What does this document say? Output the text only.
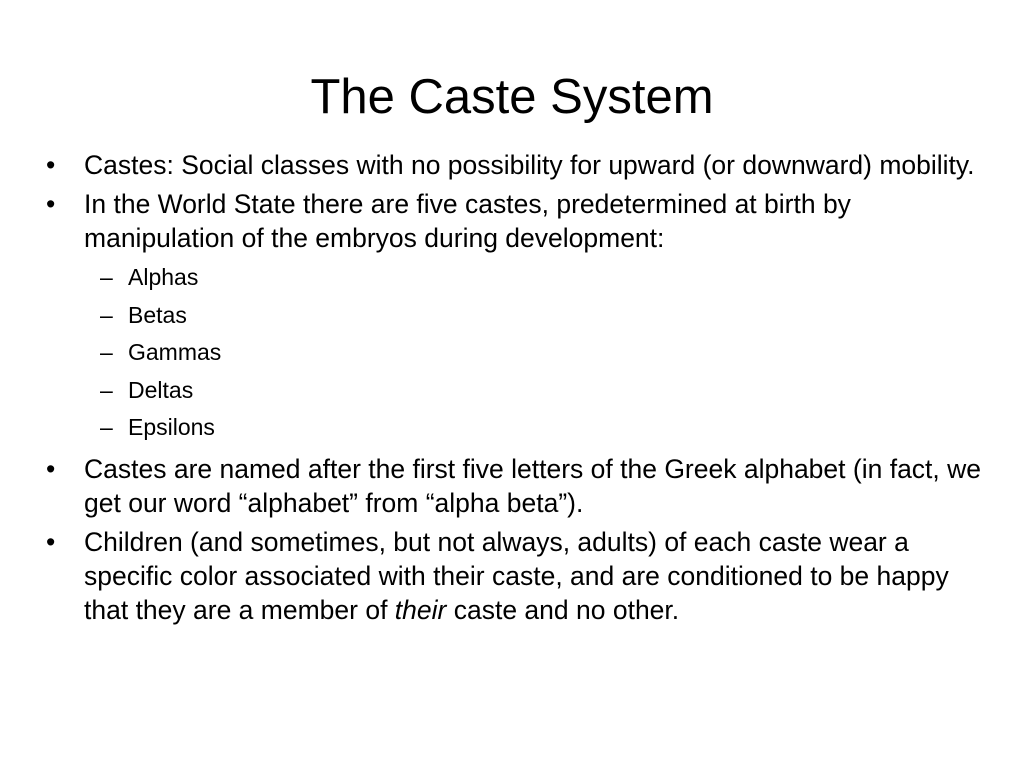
The Caste System
• Castes: Social classes with no possibility for upward (or downward) mobility.
• In the World State there are five castes, predetermined at birth by manipulation of the embryos during development:
– Alphas
– Betas
– Gammas
– Deltas
– Epsilons
• Castes are named after the first five letters of the Greek alphabet (in fact, we get our word “alphabet” from “alpha beta”).
• Children (and sometimes, but not always, adults) of each caste wear a specific color associated with their caste, and are conditioned to be happy that they are a member of their caste and no other.
